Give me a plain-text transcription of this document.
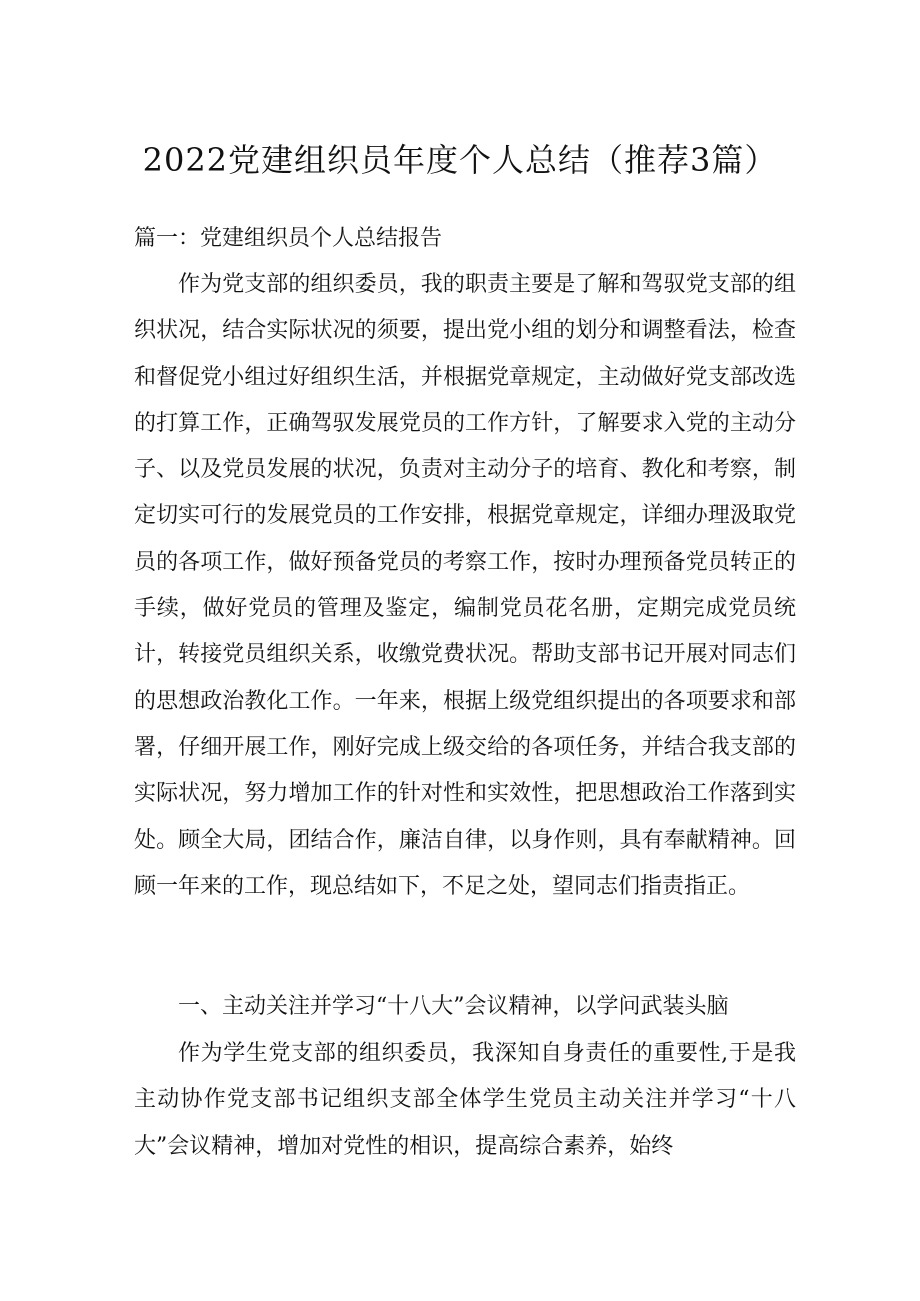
2022党建组织员年度个人总结（推荐3篇）
篇一：党建组织员个人总结报告

作为党支部的组织委员，我的职责主要是了解和驾驭党支部的组织状况，结合实际状况的须要，提出党小组的划分和调整看法，检查和督促党小组过好组织生活，并根据党章规定，主动做好党支部改选的打算工作，正确驾驭发展党员的工作方针，了解要求入党的主动分子、以及党员发展的状况，负责对主动分子的培育、教化和考察，制定切实可行的发展党员的工作安排，根据党章规定，详细办理汲取党员的各项工作，做好预备党员的考察工作，按时办理预备党员转正的手续，做好党员的管理及鉴定，编制党员花名册，定期完成党员统计，转接党员组织关系，收缴党费状况。帮助支部书记开展对同志们的思想政治教化工作。一年来，根据上级党组织提出的各项要求和部署，仔细开展工作，刚好完成上级交给的各项任务，并结合我支部的实际状况，努力增加工作的针对性和实效性，把思想政治工作落到实处。顾全大局，团结合作，廉洁自律，以身作则，具有奉献精神。回顾一年来的工作，现总结如下，不足之处，望同志们指责指正。

一、主动关注并学习“十八大”会议精神，以学问武装头脑

作为学生党支部的组织委员，我深知自身责任的重要性,于是我主动协作党支部书记组织支部全体学生党员主动关注并学习“十八大”会议精神，增加对党性的相识，提高综合素养，始终
